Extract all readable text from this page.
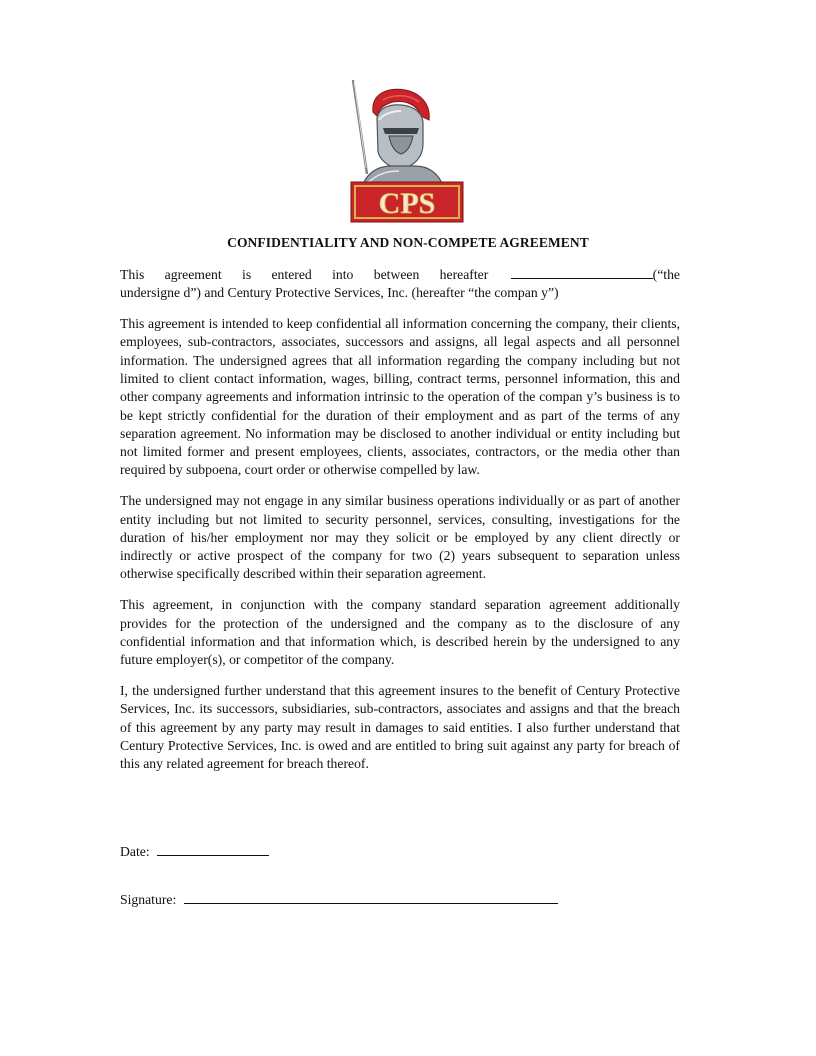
CPS
CONFIDENTIALITY AND NON-COMPETE AGREEMENT
This agreement is entered into between hereafter	(“the
undersigne d”) and Century Protective Services, Inc. (hereafter “the compan y”)

This agreement is intended to keep confidential all information concerning the company, their clients, employees, sub-contractors, associates, successors and assigns, all legal aspects and all personnel information. The undersigned agrees that all information regarding the company including but not limited to client contact information, wages, billing, contract terms, personnel information, this and other company agreements and information intrinsic to the operation of the compan y’s business is to be kept strictly confidential for the duration of their employment and as part of the terms of any separation agreement. No information may be disclosed to another individual or entity including but not limited former and present employees, clients, associates, contractors, or the media other than required by subpoena, court order or otherwise compelled by law.

The undersigned may not engage in any similar business operations individually or as part of another entity including but not limited to security personnel, services, consulting, investigations for the duration of his/her employment nor may they solicit or be employed by any client directly or indirectly or active prospect of the company for two (2) years subsequent to separation unless otherwise specifically described within their separation agreement.

This agreement, in conjunction with the company standard separation agreement additionally provides for the protection of the undersigned and the company as to the disclosure of any confidential information and that information which, is described herein by the undersigned to any future employer(s), or competitor of the company.

I, the undersigned further understand that this agreement insures to the benefit of Century Protective Services, Inc. its successors, subsidiaries, sub-contractors, associates and assigns and that the breach of this agreement by any party may result in damages to said entities. I also further understand that Century Protective Services, Inc. is owed and are entitled to bring suit against any party for breach of this any related agreement for breach thereof.

Date:
Signature:
